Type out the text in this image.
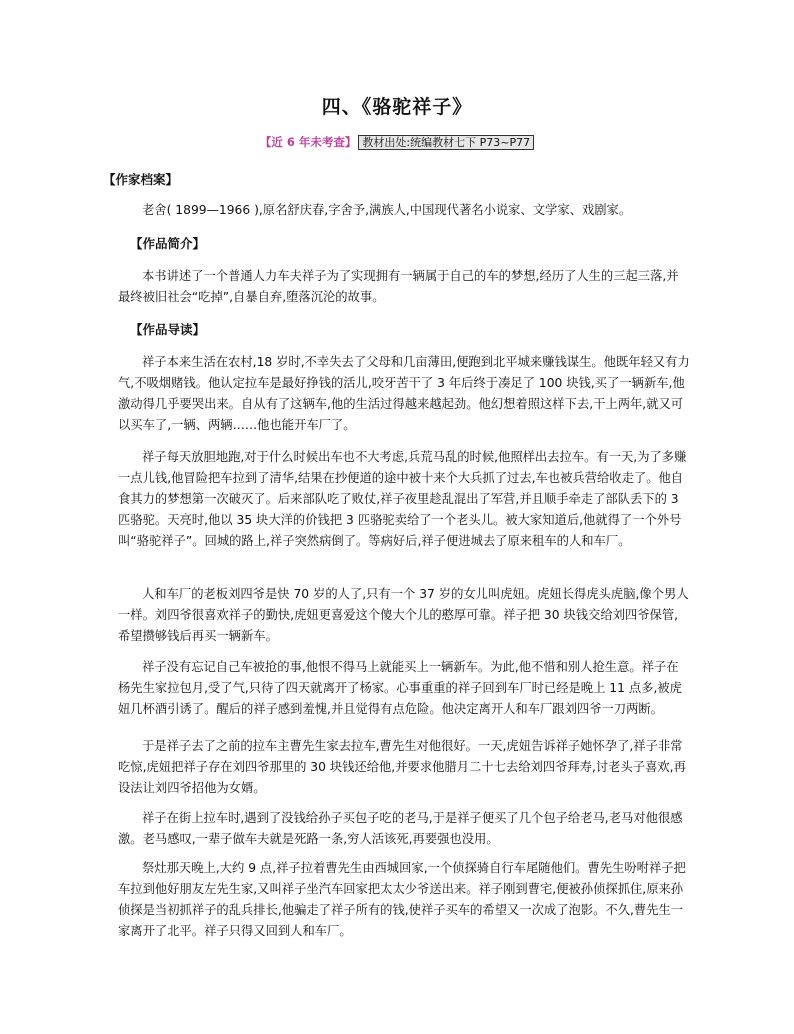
四、《骆驼祥子》
【近 6 年未考查】 教材出处:统编教材七下 P73~P77
【作家档案】

老舍( 1899—1966 ),原名舒庆春,字舍予,满族人,中国现代著名小说家、文学家、戏剧家。

【作品简介】

本书讲述了一个普通人力车夫祥子为了实现拥有一辆属于自己的车的梦想,经历了人生的三起三落,并最终被旧社会“吃掉”,自暴自弃,堕落沉沦的故事。

【作品导读】

祥子本来生活在农村,18 岁时,不幸失去了父母和几亩薄田,便跑到北平城来赚钱谋生。他既年轻又有力气,不吸烟赌钱。他认定拉车是最好挣钱的活儿,咬牙苦干了 3 年后终于凑足了 100 块钱,买了一辆新车,他激动得几乎要哭出来。自从有了这辆车,他的生活过得越来越起劲。他幻想着照这样下去,干上两年,就又可以买车了,一辆、两辆……他也能开车厂了。

祥子每天放胆地跑,对于什么时候出车也不大考虑,兵荒马乱的时候,他照样出去拉车。有一天,为了多赚一点儿钱,他冒险把车拉到了清华,结果在抄便道的途中被十来个大兵抓了过去,车也被兵营给收走了。他自食其力的梦想第一次破灭了。后来部队吃了败仗,祥子夜里趁乱混出了军营,并且顺手牵走了部队丢下的 3 匹骆驼。天亮时,他以 35 块大洋的价钱把 3 匹骆驼卖给了一个老头儿。被大家知道后,他就得了一个外号叫“骆驼祥子”。回城的路上,祥子突然病倒了。等病好后,祥子便进城去了原来租车的人和车厂。

人和车厂的老板刘四爷是快 70 岁的人了,只有一个 37 岁的女儿叫虎妞。虎妞长得虎头虎脑,像个男人一样。刘四爷很喜欢祥子的勤快,虎妞更喜爱这个傻大个儿的憨厚可靠。祥子把 30 块钱交给刘四爷保管,希望攒够钱后再买一辆新车。

祥子没有忘记自己车被抢的事,他恨不得马上就能买上一辆新车。为此,他不惜和别人抢生意。祥子在杨先生家拉包月,受了气,只待了四天就离开了杨家。心事重重的祥子回到车厂时已经是晚上 11 点多,被虎妞几杯酒引诱了。醒后的祥子感到羞愧,并且觉得有点危险。他决定离开人和车厂跟刘四爷一刀两断。

于是祥子去了之前的拉车主曹先生家去拉车,曹先生对他很好。一天,虎妞告诉祥子她怀孕了,祥子非常吃惊,虎妞把祥子存在刘四爷那里的 30 块钱还给他,并要求他腊月二十七去给刘四爷拜寿,讨老头子喜欢,再设法让刘四爷招他为女婿。

祥子在街上拉车时,遇到了没钱给孙子买包子吃的老马,于是祥子便买了几个包子给老马,老马对他很感激。老马感叹,一辈子做车夫就是死路一条,穷人活该死,再要强也没用。

祭灶那天晚上,大约 9 点,祥子拉着曹先生由西城回家,一个侦探骑自行车尾随他们。曹先生吩咐祥子把车拉到他好朋友左先生家,又叫祥子坐汽车回家把太太少爷送出来。祥子刚到曹宅,便被孙侦探抓住,原来孙侦探是当初抓祥子的乱兵排长,他骗走了祥子所有的钱,使祥子买车的希望又一次成了泡影。不久,曹先生一家离开了北平。祥子只得又回到人和车厂。
